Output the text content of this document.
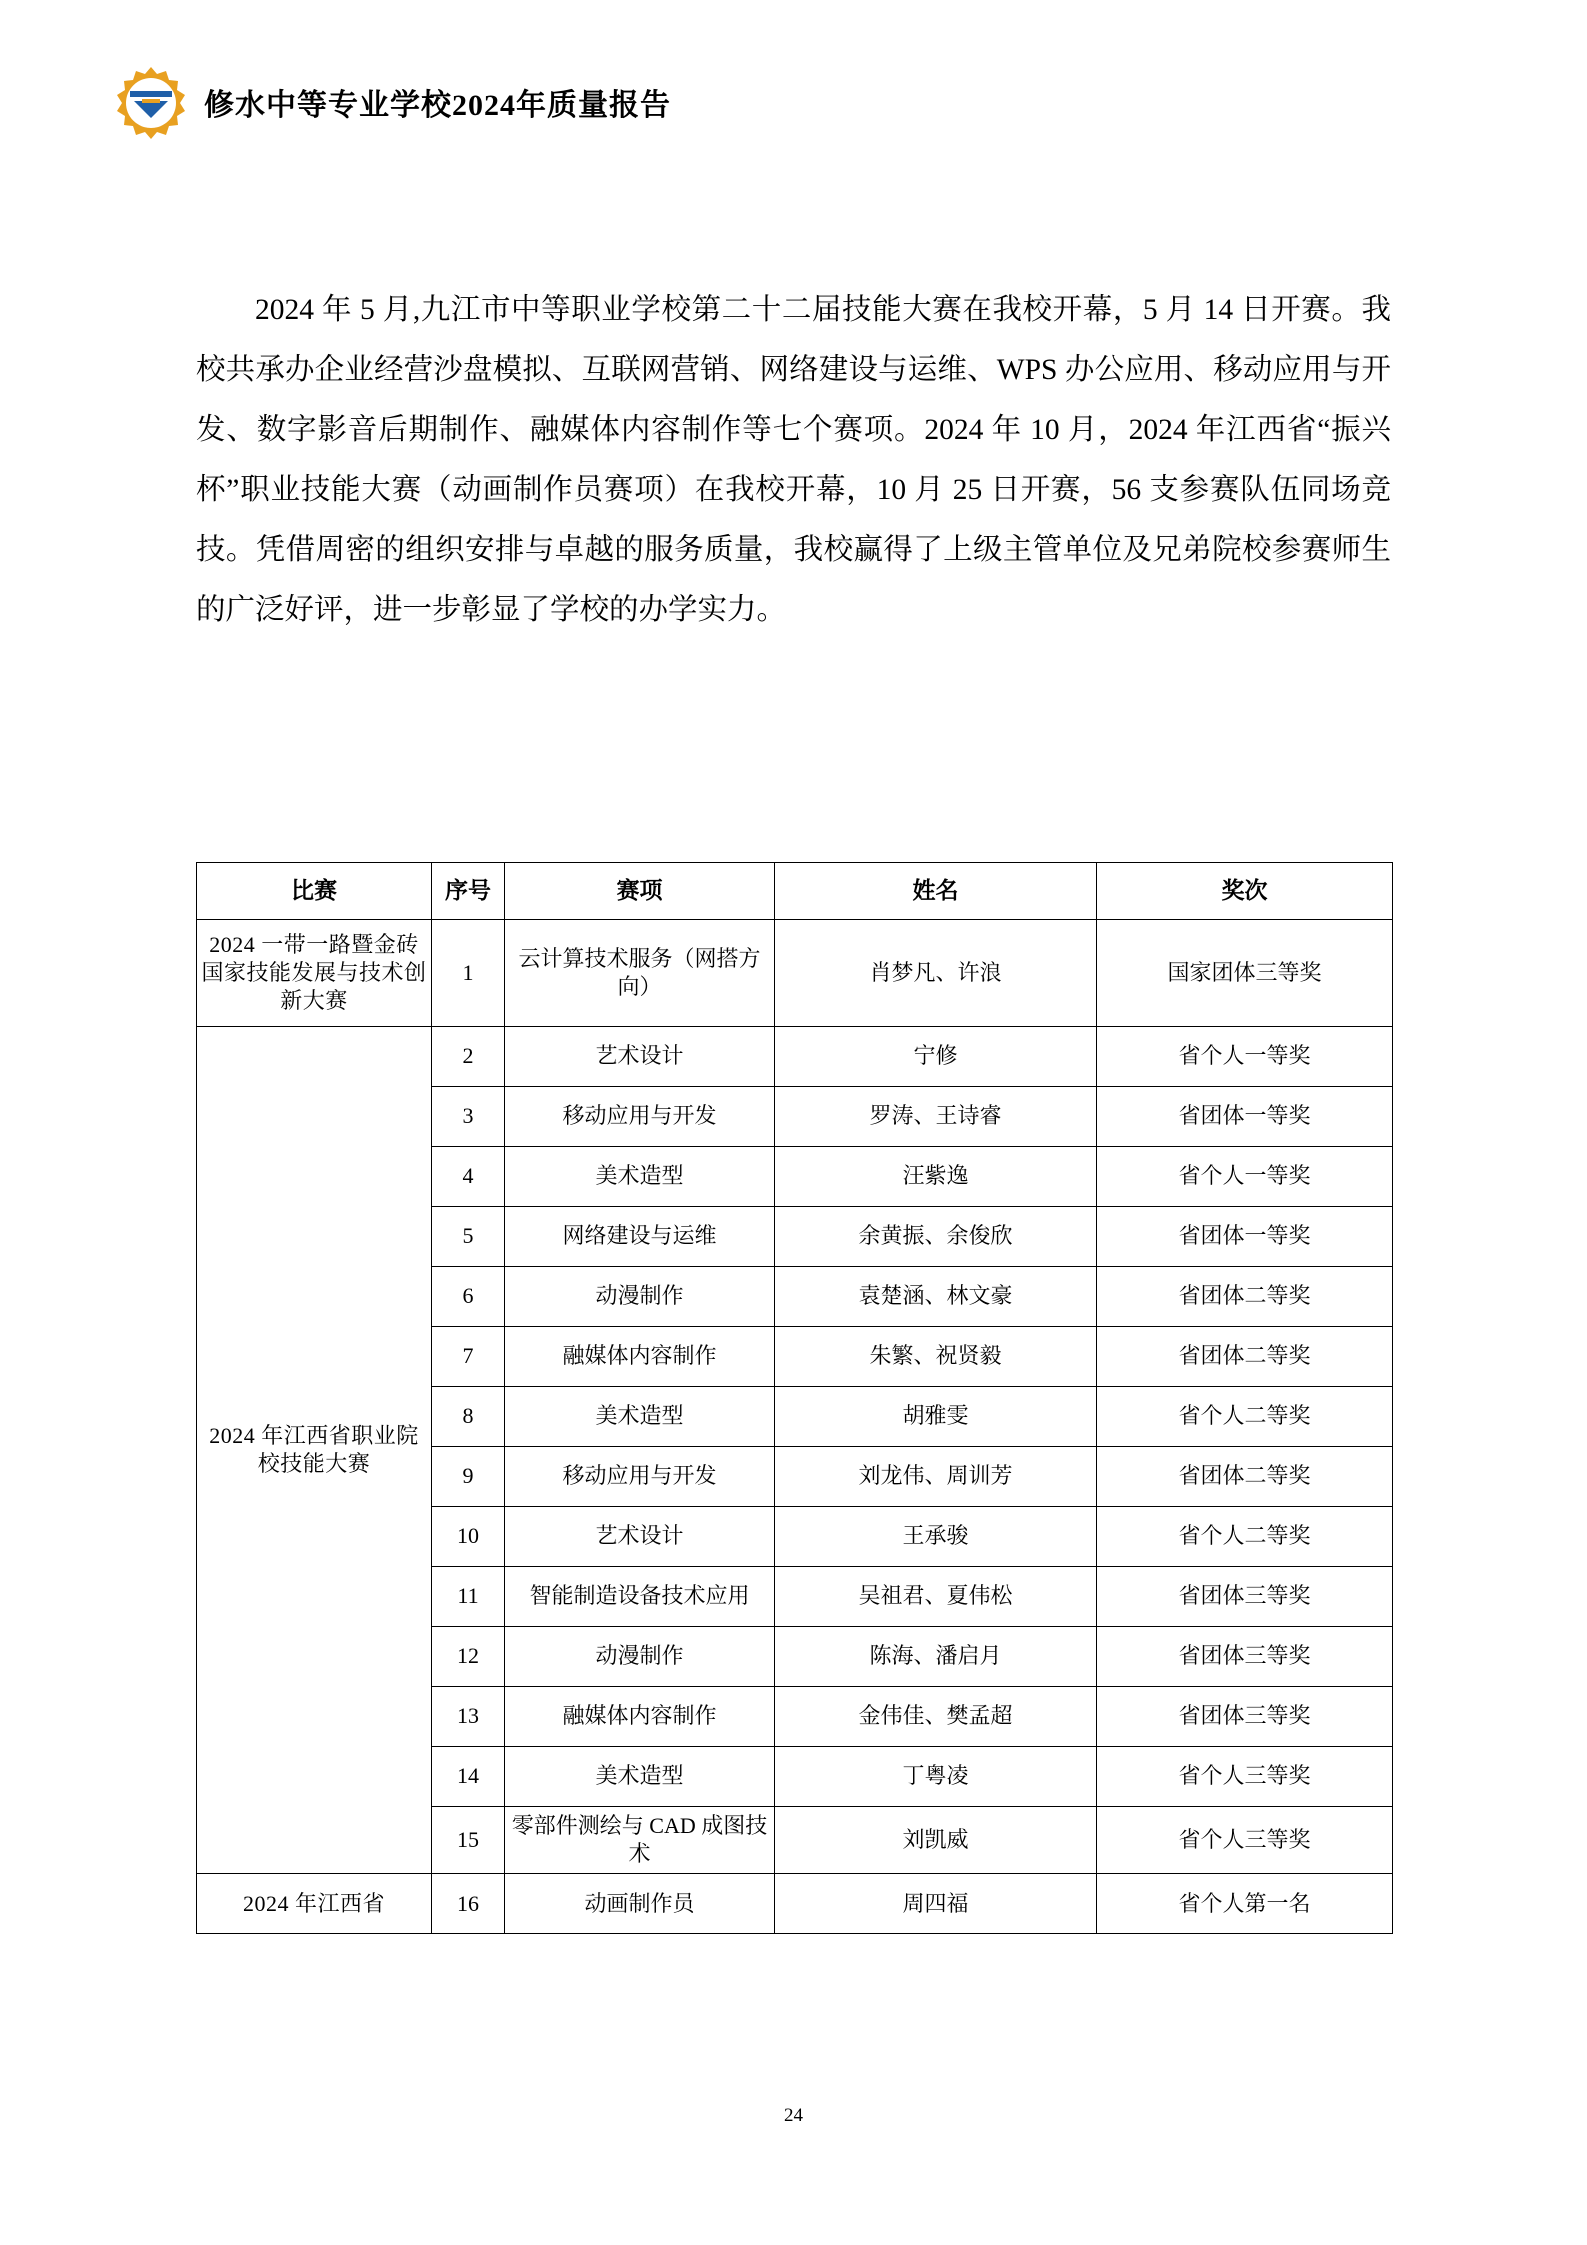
修水中等专业学校2024年质量报告

2024 年 5 月,九江市中等职业学校第二十二届技能大赛在我校开幕，5 月 14 日开赛。我校共承办企业经营沙盘模拟、互联网营销、网络建设与运维、WPS 办公应用、移动应用与开发、数字影音后期制作、融媒体内容制作等七个赛项。2024 年 10 月，2024 年江西省“振兴杯”职业技能大赛（动画制作员赛项）在我校开幕，10 月 25 日开赛，56 支参赛队伍同场竞技。凭借周密的组织安排与卓越的服务质量，我校赢得了上级主管单位及兄弟院校参赛师生的广泛好评，进一步彰显了学校的办学实力。

比赛	序号	赛项	姓名	奖次
2024 一带一路暨金砖国家技能发展与技术创新大赛	1	云计算技术服务（网搭方向）	肖梦凡、许浪	国家团体三等奖
2024 年江西省职业院校技能大赛	2	艺术设计	宁修	省个人一等奖
	3	移动应用与开发	罗涛、王诗睿	省团体一等奖
	4	美术造型	汪紫逸	省个人一等奖
	5	网络建设与运维	余黄振、余俊欣	省团体一等奖
	6	动漫制作	袁楚涵、林文豪	省团体二等奖
	7	融媒体内容制作	朱繁、祝贤毅	省团体二等奖
	8	美术造型	胡雅雯	省个人二等奖
	9	移动应用与开发	刘龙伟、周训芳	省团体二等奖
	10	艺术设计	王承骏	省个人二等奖
	11	智能制造设备技术应用	吴祖君、夏伟松	省团体三等奖
	12	动漫制作	陈海、潘启月	省团体三等奖
	13	融媒体内容制作	金伟佳、樊孟超	省团体三等奖
	14	美术造型	丁粤凌	省个人三等奖
	15	零部件测绘与 CAD 成图技术	刘凯威	省个人三等奖
2024 年江西省	16	动画制作员	周四福	省个人第一名
24
